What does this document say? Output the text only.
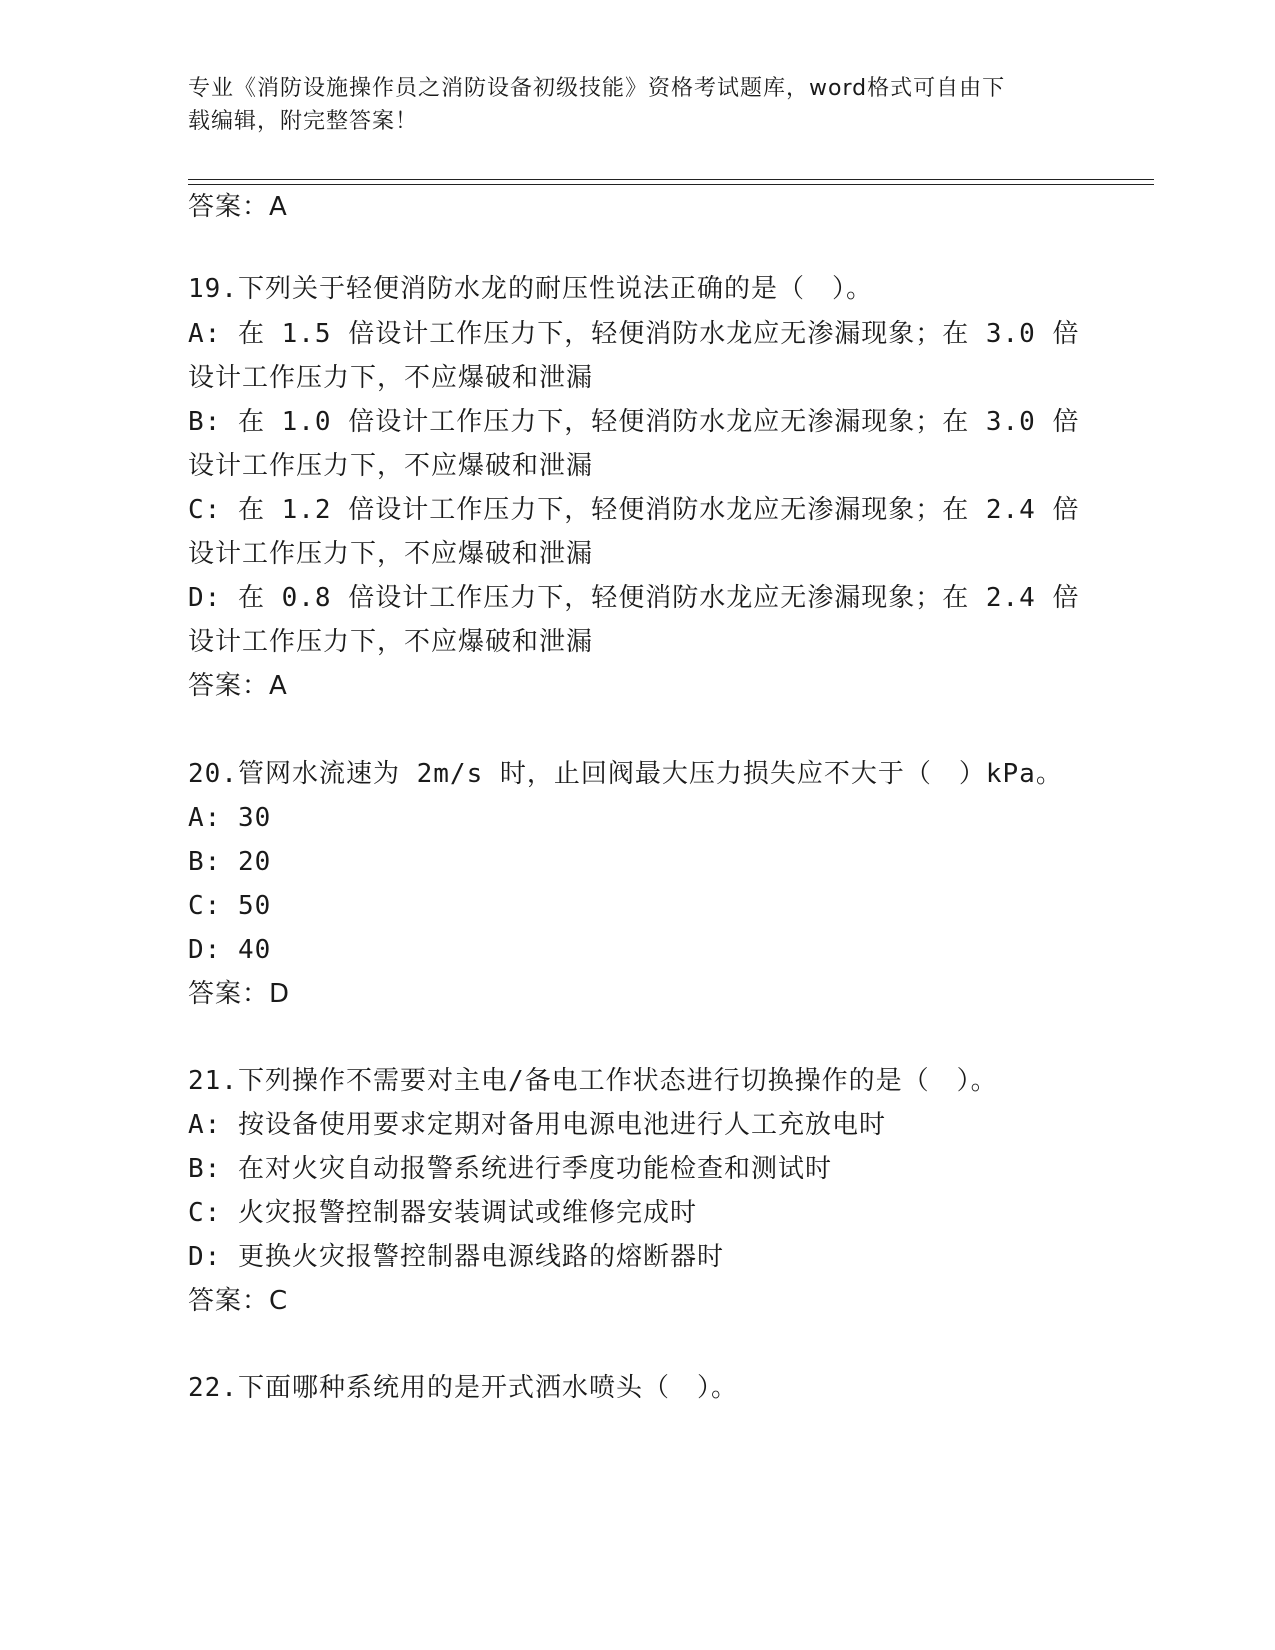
专业《消防设施操作员之消防设备初级技能》资格考试题库，word格式可自由下
载编辑，附完整答案！
答案：A
19.下列关于轻便消防水龙的耐压性说法正确的是（　）。
A: 在 1.5 倍设计工作压力下，轻便消防水龙应无渗漏现象；在 3.0 倍
设计工作压力下，不应爆破和泄漏
B: 在 1.0 倍设计工作压力下，轻便消防水龙应无渗漏现象；在 3.0 倍
设计工作压力下，不应爆破和泄漏
C: 在 1.2 倍设计工作压力下，轻便消防水龙应无渗漏现象；在 2.4 倍
设计工作压力下，不应爆破和泄漏
D: 在 0.8 倍设计工作压力下，轻便消防水龙应无渗漏现象；在 2.4 倍
设计工作压力下，不应爆破和泄漏
答案：A
20.管网水流速为 2m/s 时，止回阀最大压力损失应不大于（　）kPa。
A: 30
B: 20
C: 50
D: 40
答案：D
21.下列操作不需要对主电/备电工作状态进行切换操作的是（　）。
A: 按设备使用要求定期对备用电源电池进行人工充放电时
B: 在对火灾自动报警系统进行季度功能检查和测试时
C: 火灾报警控制器安装调试或维修完成时
D: 更换火灾报警控制器电源线路的熔断器时
答案：C
22.下面哪种系统用的是开式洒水喷头（　）。
